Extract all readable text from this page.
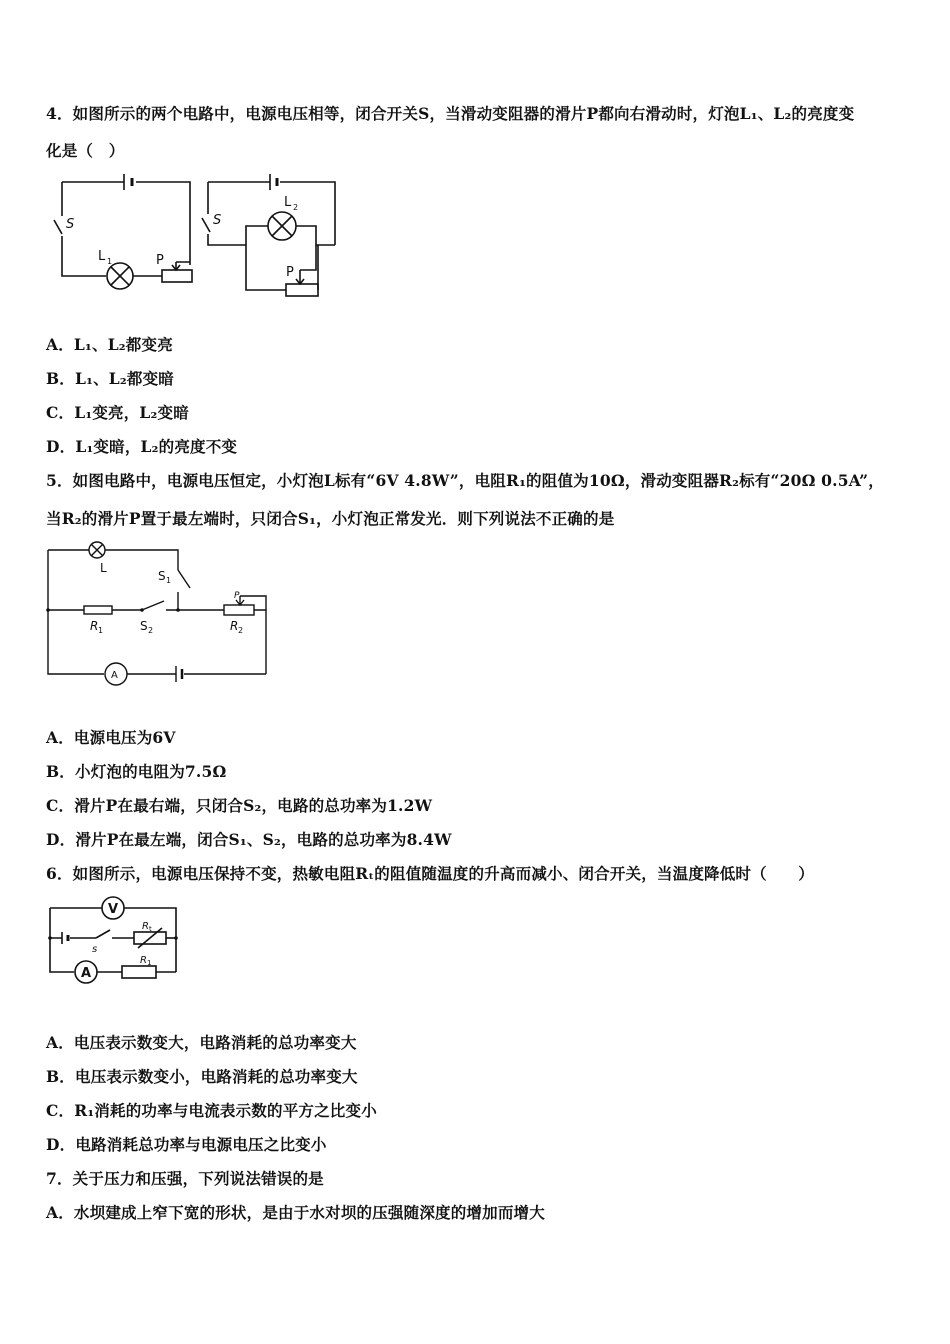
4．如图所示的两个电路中，电源电压相等，闭合开关S，当滑动变阻器的滑片P都向右滑动时，灯泡L₁、L₂的亮度变
化是（　）
S
L 1	P
S
L 2
P
A．L₁、L₂都变亮
B．L₁、L₂都变暗
C．L₁变亮，L₂变暗
D．L₁变暗，L₂的亮度不变
5．如图电路中，电源电压恒定，小灯泡L标有“6V 4.8W”，电阻R₁的阻值为10Ω，滑动变阻器R₂标有“20Ω 0.5A”，
当R₂的滑片P置于最左端时，只闭合S₁，小灯泡正常发光．则下列说法不正确的是
L
S 1
R 1	S 2	R 2
P
A
A．电源电压为6V
B．小灯泡的电阻为7.5Ω
C．滑片P在最右端，只闭合S₂，电路的总功率为1.2W
D．滑片P在最左端，闭合S₁、S₂，电路的总功率为8.4W
6．如图所示，电源电压保持不变，热敏电阻Rₜ的阻值随温度的升高而减小、闭合开关，当温度降低时（　　）
V
A
s
R t
R 1
A．电压表示数变大，电路消耗的总功率变大
B．电压表示数变小，电路消耗的总功率变大
C．R₁消耗的功率与电流表示数的平方之比变小
D．电路消耗总功率与电源电压之比变小
7．关于压力和压强，下列说法错误的是
A．水坝建成上窄下宽的形状，是由于水对坝的压强随深度的增加而增大
